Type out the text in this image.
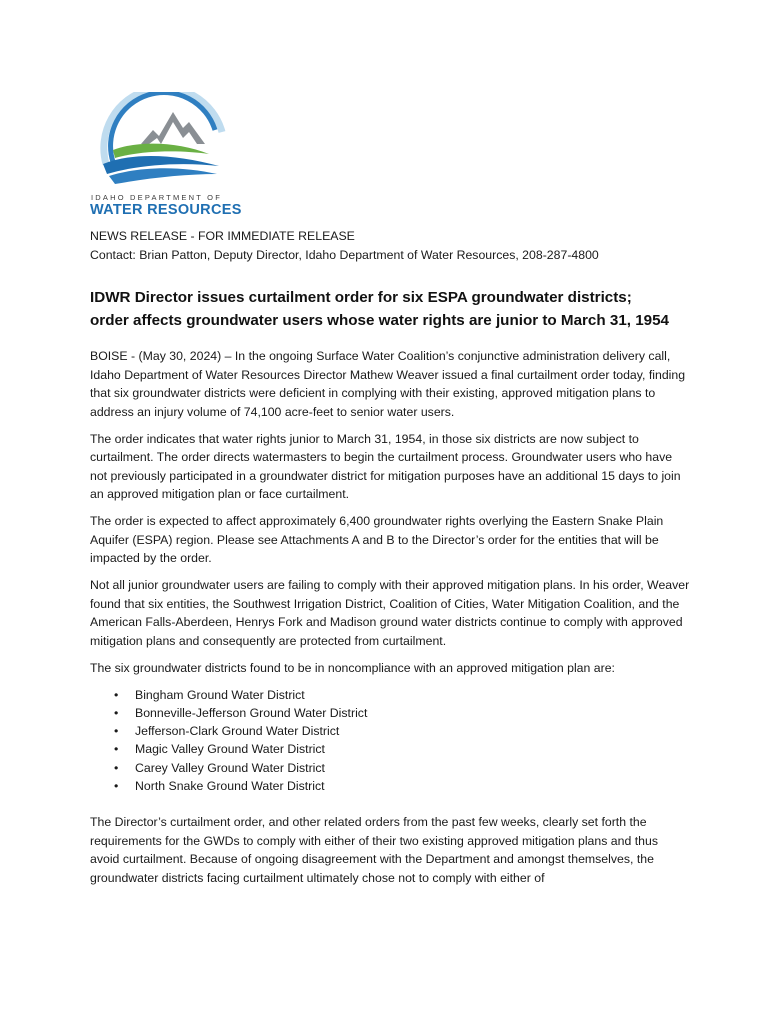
IDAHO DEPARTMENT OF
WATER RESOURCES
NEWS RELEASE - FOR IMMEDIATE RELEASE
Contact: Brian Patton, Deputy Director, Idaho Department of Water Resources, 208-287-4800
IDWR Director issues curtailment order for six ESPA groundwater districts;
order affects groundwater users whose water rights are junior to March 31, 1954

BOISE - (May 30, 2024) – In the ongoing Surface Water Coalition’s conjunctive administration delivery call, Idaho Department of Water Resources Director Mathew Weaver issued a final curtailment order today, finding that six groundwater districts were deficient in complying with their existing, approved mitigation plans to address an injury volume of 74,100 acre-feet to senior water users.

The order indicates that water rights junior to March 31, 1954, in those six districts are now subject to curtailment. The order directs watermasters to begin the curtailment process. Groundwater users who have not previously participated in a groundwater district for mitigation purposes have an additional 15 days to join an approved mitigation plan or face curtailment.

The order is expected to affect approximately 6,400 groundwater rights overlying the Eastern Snake Plain Aquifer (ESPA) region. Please see Attachments A and B to the Director’s order for the entities that will be impacted by the order.

Not all junior groundwater users are failing to comply with their approved mitigation plans. In his order, Weaver found that six entities, the Southwest Irrigation District, Coalition of Cities, Water Mitigation Coalition, and the American Falls-Aberdeen, Henrys Fork and Madison ground water districts continue to comply with approved mitigation plans and consequently are protected from curtailment.

The six groundwater districts found to be in noncompliance with an approved mitigation plan are:

• Bingham Ground Water District
• Bonneville-Jefferson Ground Water District
• Jefferson-Clark Ground Water District
• Magic Valley Ground Water District
• Carey Valley Ground Water District
• North Snake Ground Water District

The Director’s curtailment order, and other related orders from the past few weeks, clearly set forth the requirements for the GWDs to comply with either of their two existing approved mitigation plans and thus avoid curtailment. Because of ongoing disagreement with the Department and amongst themselves, the groundwater districts facing curtailment ultimately chose not to comply with either of
